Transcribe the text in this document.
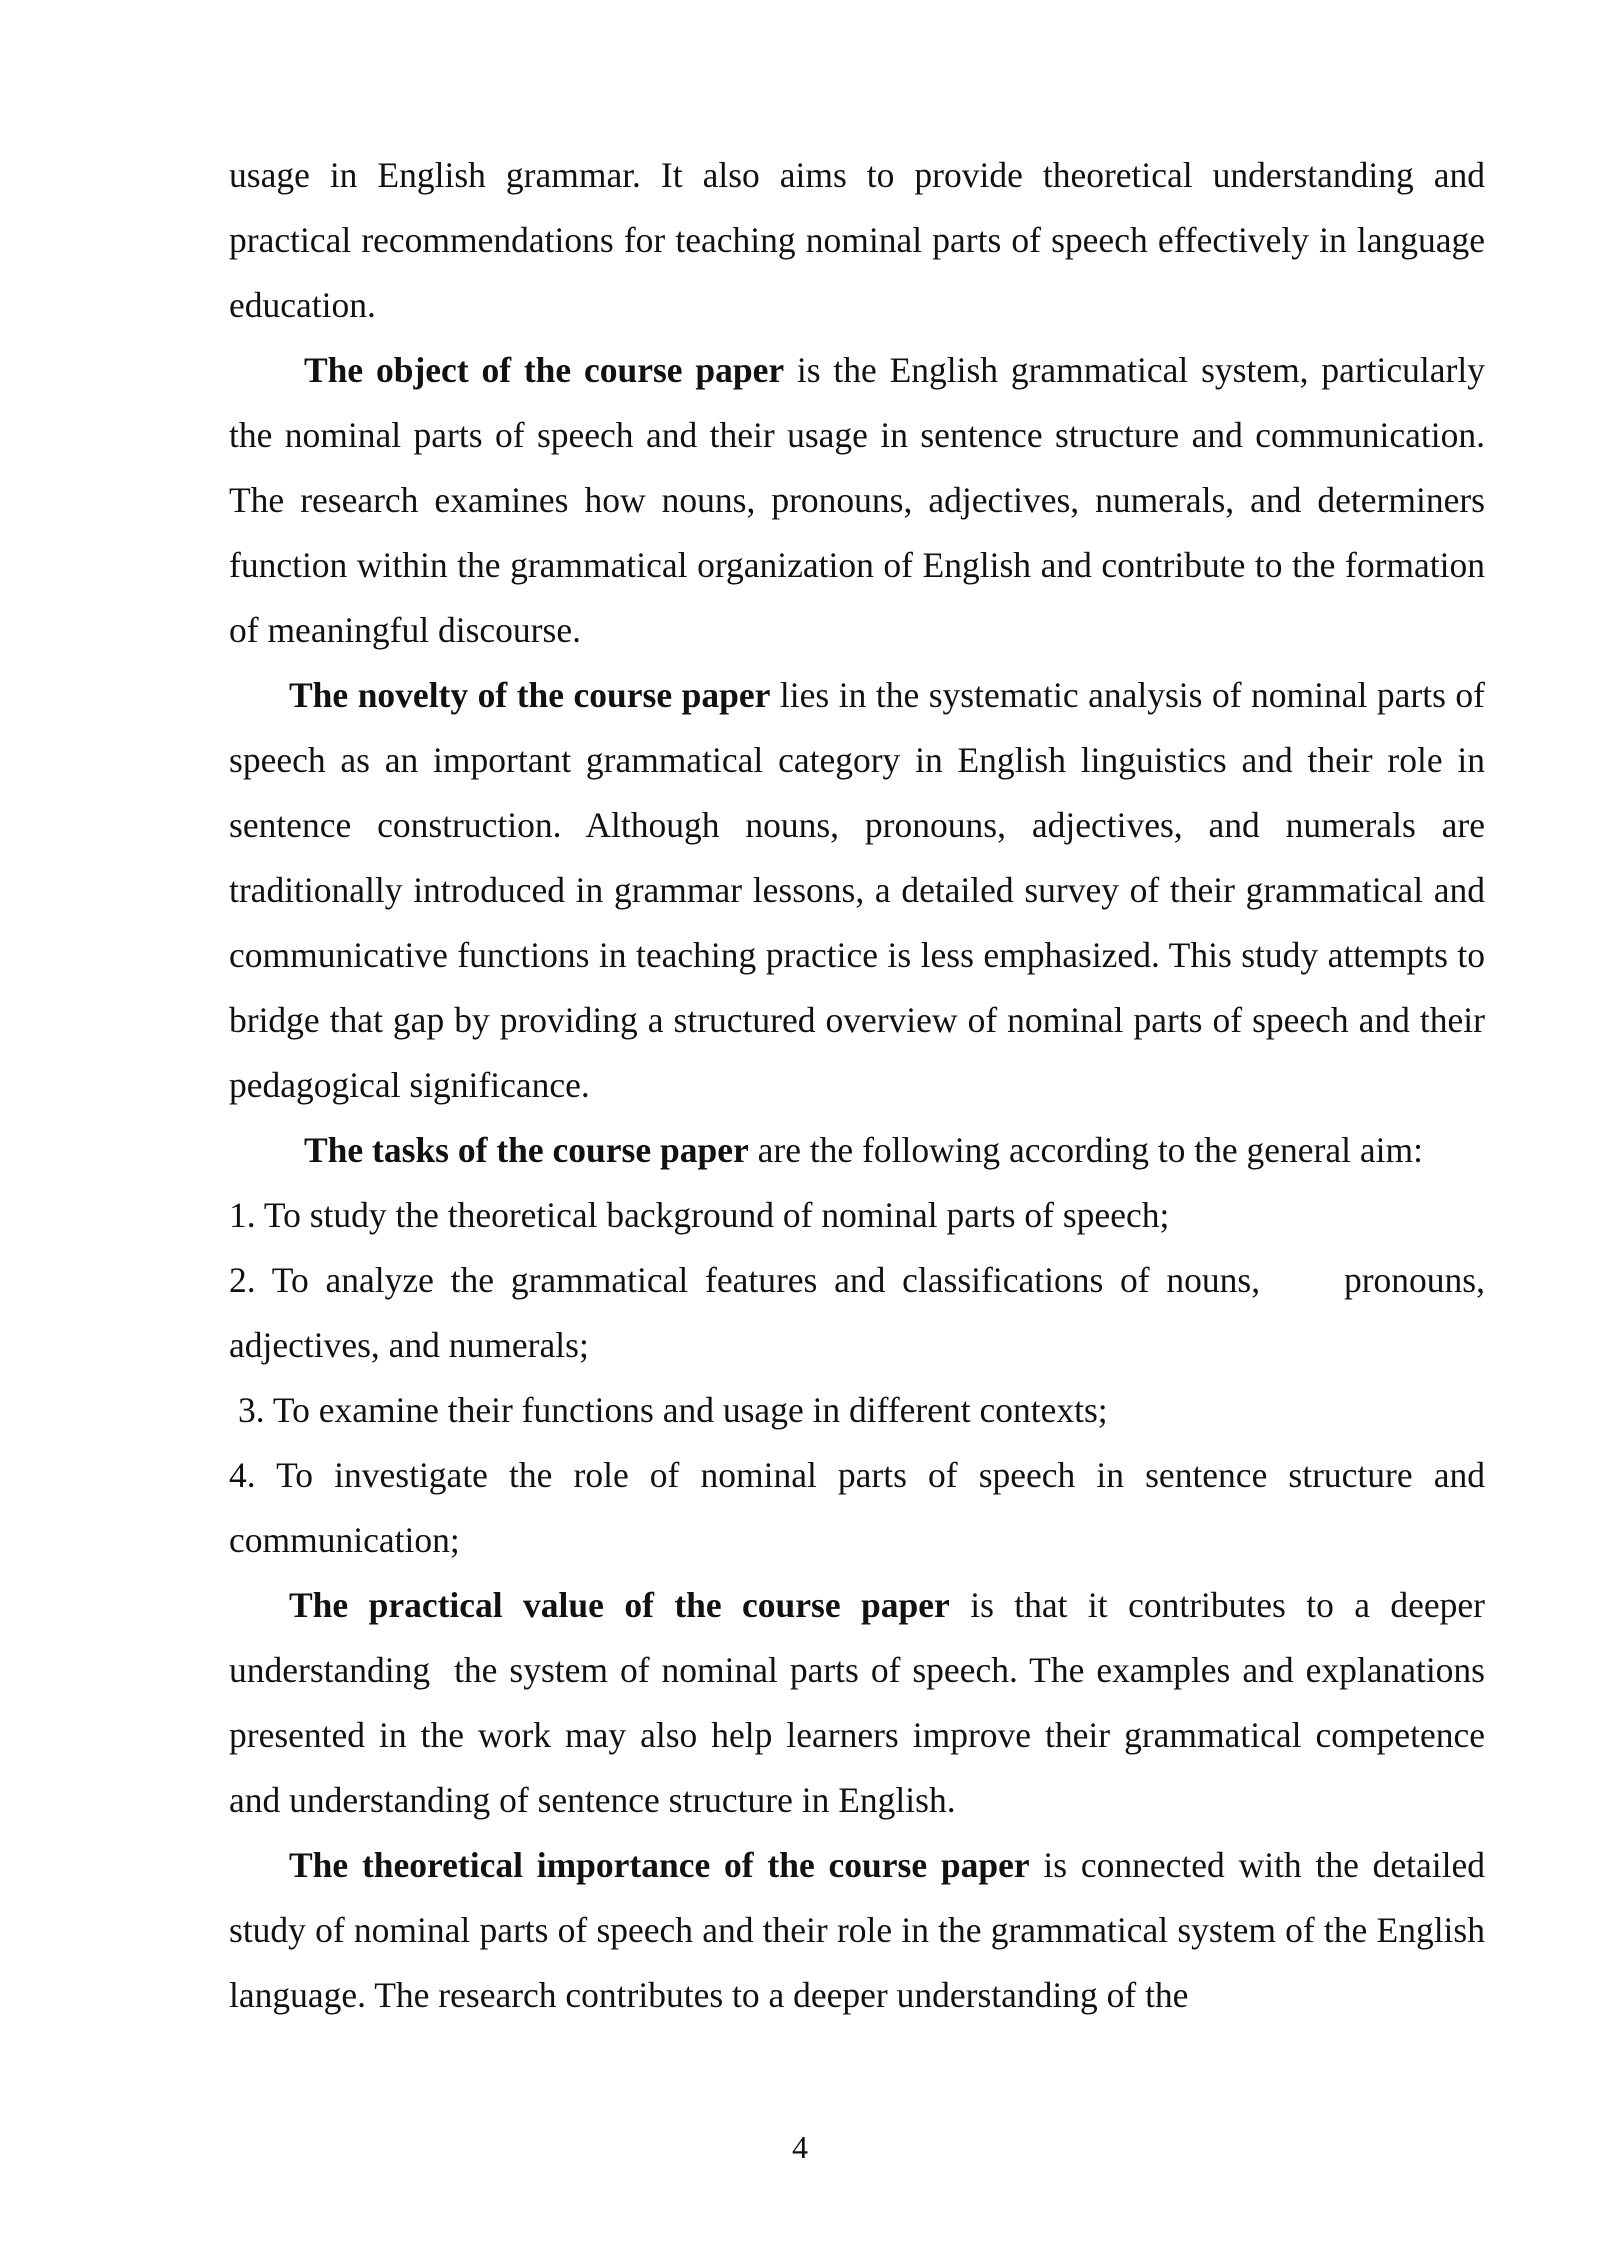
usage in English grammar. It also aims to provide theoretical understanding and practical recommendations for teaching nominal parts of speech effectively in language education.

The object of the course paper is the English grammatical system, particularly the nominal parts of speech and their usage in sentence structure and communication. The research examines how nouns, pronouns, adjectives, numerals, and determiners function within the grammatical organization of English and contribute to the formation of meaningful discourse.

The novelty of the course paper lies in the systematic analysis of nominal parts of speech as an important grammatical category in English linguistics and their role in sentence construction. Although nouns, pronouns, adjectives, and numerals are traditionally introduced in grammar lessons, a detailed survey of their grammatical and communicative functions in teaching practice is less emphasized. This study attempts to bridge that gap by providing a structured overview of nominal parts of speech and their pedagogical significance.

The tasks of the course paper are the following according to the general aim:

1. To study the theoretical background of nominal parts of speech;

2. To analyze the grammatical features and classifications of nouns,     pronouns, adjectives, and numerals;

3. To examine their functions and usage in different contexts;

4. To investigate the role of nominal parts of speech in sentence structure and communication;

The practical value of the course paper is that it contributes to a deeper understanding  the system of nominal parts of speech. The examples and explanations presented in the work may also help learners improve their grammatical competence and understanding of sentence structure in English.

The theoretical importance of the course paper is connected with the detailed study of nominal parts of speech and their role in the grammatical system of the English language. The research contributes to a deeper understanding of the

4
